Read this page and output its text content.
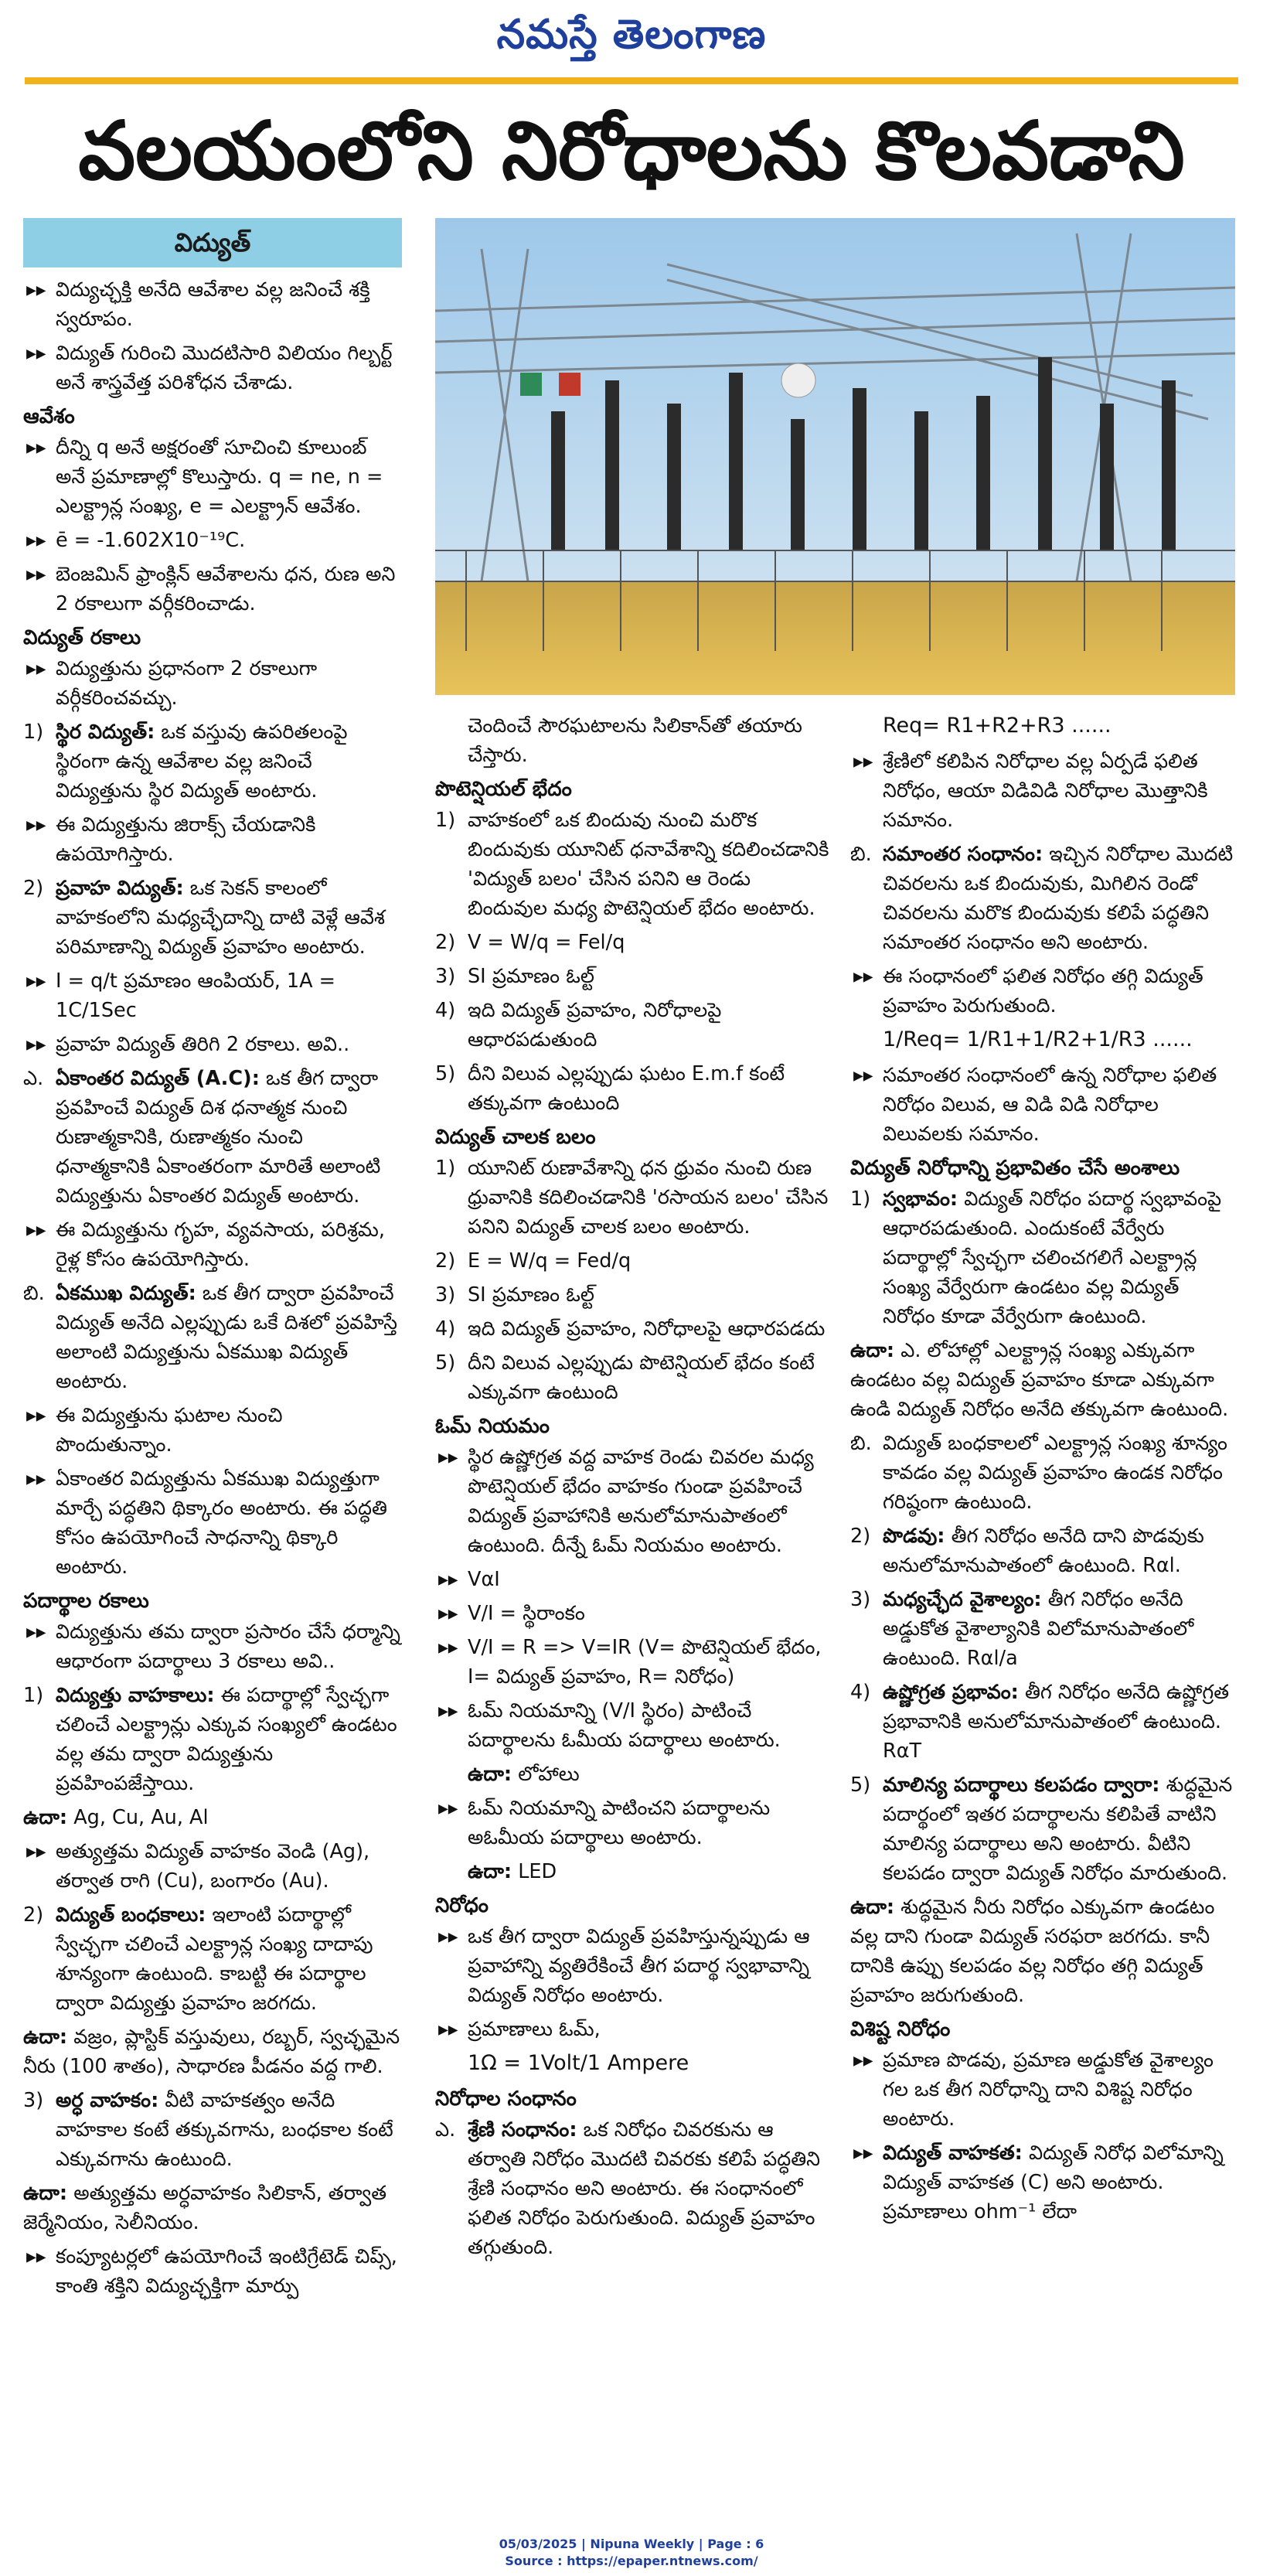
నమస్తే తెలంగాణ
వలయంలోని నిరోధాలను కొలవడాని
విద్యుత్
▸▸ విద్యుచ్ఛక్తి అనేది ఆవేశాల వల్ల జనించే శక్తి స్వరూపం.
▸▸ విద్యుత్ గురించి మొదటిసారి విలియం గిల్బర్ట్ అనే శాస్త్రవేత్త పరిశోధన చేశాడు.
ఆవేశం
▸▸ దీన్ని q అనే అక్షరంతో సూచించి కూలుంబ్ అనే ప్రమాణాల్లో కొలుస్తారు. q = ne, n = ఎలక్ట్రాన్ల సంఖ్య, e = ఎలక్ట్రాన్ ఆవేశం.
▸▸ ē = -1.602X10⁻¹⁹C.
▸▸ బెంజమిన్ ఫ్రాంక్లిన్ ఆవేశాలను ధన, రుణ అని 2 రకాలుగా వర్గీకరించాడు.
విద్యుత్ రకాలు
▸▸ విద్యుత్తును ప్రధానంగా 2 రకాలుగా వర్గీకరించవచ్చు.
1) స్థిర విద్యుత్: ఒక వస్తువు ఉపరితలంపై స్థిరంగా ఉన్న ఆవేశాల వల్ల జనించే విద్యుత్తును స్థిర విద్యుత్ అంటారు.
▸▸ ఈ విద్యుత్తును జిరాక్స్ చేయడానికి ఉపయోగిస్తారు.
2) ప్రవాహ విద్యుత్: ఒక సెకన్ కాలంలో వాహకంలోని మధ్యచ్ఛేదాన్ని దాటి వెళ్లే ఆవేశ పరిమాణాన్ని విద్యుత్ ప్రవాహం అంటారు.
▸▸ I = q/t ప్రమాణం ఆంపియర్, 1A = 1C/1Sec
▸▸ ప్రవాహ విద్యుత్ తిరిగి 2 రకాలు. అవి..
ఎ. ఏకాంతర విద్యుత్ (A.C): ఒక తీగ ద్వారా ప్రవహించే విద్యుత్ దిశ ధనాత్మక నుంచి రుణాత్మకానికి, రుణాత్మకం నుంచి ధనాత్మకానికి ఏకాంతరంగా మారితే అలాంటి విద్యుత్తును ఏకాంతర విద్యుత్ అంటారు.
▸▸ ఈ విద్యుత్తును గృహ, వ్యవసాయ, పరిశ్రమ, రైళ్ల కోసం ఉపయోగిస్తారు.
బి. ఏకముఖ విద్యుత్: ఒక తీగ ద్వారా ప్రవహించే విద్యుత్ అనేది ఎల్లప్పుడు ఒకే దిశలో ప్రవహిస్తే అలాంటి విద్యుత్తును ఏకముఖ విద్యుత్ అంటారు.
▸▸ ఈ విద్యుత్తును ఘటాల నుంచి పొందుతున్నాం.
▸▸ ఏకాంతర విద్యుత్తును ఏకముఖ విద్యుత్తుగా మార్చే పద్ధతిని థిక్కారం అంటారు. ఈ పద్ధతి కోసం ఉపయోగించే సాధనాన్ని థిక్కారి అంటారు.
పదార్థాల రకాలు
▸▸ విద్యుత్తును తమ ద్వారా ప్రసారం చేసే ధర్మాన్ని ఆధారంగా పదార్థాలు 3 రకాలు అవి..
1) విద్యుత్తు వాహకాలు: ఈ పదార్థాల్లో స్వేచ్ఛగా చలించే ఎలక్ట్రాన్లు ఎక్కువ సంఖ్యలో ఉండటం వల్ల తమ ద్వారా విద్యుత్తును ప్రవహింపజేస్తాయి.
ఉదా: Ag, Cu, Au, Al
▸▸ అత్యుత్తమ విద్యుత్ వాహకం వెండి (Ag), తర్వాత రాగి (Cu), బంగారం (Au).
2) విద్యుత్ బంధకాలు: ఇలాంటి పదార్థాల్లో స్వేచ్ఛగా చలించే ఎలక్ట్రాన్ల సంఖ్య దాదాపు శూన్యంగా ఉంటుంది. కాబట్టి ఈ పదార్థాల ద్వారా విద్యుత్తు ప్రవాహం జరగదు.
ఉదా: వజ్రం, ప్లాస్టిక్ వస్తువులు, రబ్బర్, స్వచ్ఛమైన నీరు (100 శాతం), సాధారణ పీడనం వద్ద గాలి.
3) అర్ధ వాహకం: వీటి వాహకత్వం అనేది వాహకాల కంటే తక్కువగాను, బంధకాల కంటే ఎక్కువగాను ఉంటుంది.
ఉదా: అత్యుత్తమ అర్ధవాహకం సిలికాన్, తర్వాత జెర్మేనియం, సెలీనియం.
▸▸ కంప్యూటర్లలో ఉపయోగించే ఇంటిగ్రేటెడ్ చిప్స్, కాంతి శక్తిని విద్యుచ్ఛక్తిగా మార్పు
చెందించే సౌరఘటాలను సిలికాన్‌తో తయారు చేస్తారు.
పొటెన్షియల్ భేదం
1) వాహకంలో ఒక బిందువు నుంచి మరొక బిందువుకు యూనిట్ ధనావేశాన్ని కదిలించడానికి 'విద్యుత్ బలం' చేసిన పనిని ఆ రెండు బిందువుల మధ్య పొటెన్షియల్ భేదం అంటారు.
2) V = W/q = Fel/q
3) SI ప్రమాణం ఓల్ట్
4) ఇది విద్యుత్ ప్రవాహం, నిరోధాలపై ఆధారపడుతుంది
5) దీని విలువ ఎల్లప్పుడు ఘటం E.m.f కంటే తక్కువగా ఉంటుంది
విద్యుత్ చాలక బలం
1) యూనిట్ రుణావేశాన్ని ధన ధ్రువం నుంచి రుణ ధ్రువానికి కదిలించడానికి 'రసాయన బలం' చేసిన పనిని విద్యుత్ చాలక బలం అంటారు.
2) E = W/q = Fed/q
3) SI ప్రమాణం ఓల్ట్
4) ఇది విద్యుత్ ప్రవాహం, నిరోధాలపై ఆధారపడదు
5) దీని విలువ ఎల్లప్పుడు పొటెన్షియల్ భేదం కంటే ఎక్కువగా ఉంటుంది
ఓమ్ నియమం
▸▸ స్థిర ఉష్ణోగ్రత వద్ద వాహక రెండు చివరల మధ్య పొటెన్షియల్ భేదం వాహకం గుండా ప్రవహించే విద్యుత్ ప్రవాహానికి అనులోమానుపాతంలో ఉంటుంది. దీన్నే ఓమ్ నియమం అంటారు.
▸▸ VαI
▸▸ V/I = స్థిరాంకం
▸▸ V/I = R => V=IR (V= పొటెన్షియల్ భేదం, I= విద్యుత్ ప్రవాహం, R= నిరోధం)
▸▸ ఓమ్ నియమాన్ని (V/I స్థిరం) పాటించే పదార్థాలను ఓమీయ పదార్థాలు అంటారు.
ఉదా: లోహాలు
▸▸ ఓమ్ నియమాన్ని పాటించని పదార్థాలను అఓమీయ పదార్థాలు అంటారు.
ఉదా: LED
నిరోధం
▸▸ ఒక తీగ ద్వారా విద్యుత్ ప్రవహిస్తున్నప్పుడు ఆ ప్రవాహాన్ని వ్యతిరేకించే తీగ పదార్థ స్వభావాన్ని విద్యుత్ నిరోధం అంటారు.
▸▸ ప్రమాణాలు ఓమ్,
1Ω = 1Volt/1 Ampere
నిరోధాల సంధానం
ఎ. శ్రేణి సంధానం: ఒక నిరోధం చివరకును ఆ తర్వాతి నిరోధం మొదటి చివరకు కలిపే పద్ధతిని శ్రేణి సంధానం అని అంటారు. ఈ సంధానంలో ఫలిత నిరోధం పెరుగుతుంది. విద్యుత్ ప్రవాహం తగ్గుతుంది.
Req= R1+R2+R3 ......
▸▸ శ్రేణిలో కలిపిన నిరోధాల వల్ల ఏర్పడే ఫలిత నిరోధం, ఆయా విడివిడి నిరోధాల మొత్తానికి సమానం.
బి. సమాంతర సంధానం: ఇచ్చిన నిరోధాల మొదటి చివరలను ఒక బిందువుకు, మిగిలిన రెండో చివరలను మరొక బిందువుకు కలిపే పద్ధతిని సమాంతర సంధానం అని అంటారు.
▸▸ ఈ సంధానంలో ఫలిత నిరోధం తగ్గి విద్యుత్ ప్రవాహం పెరుగుతుంది.
1/Req= 1/R1+1/R2+1/R3 ......
▸▸ సమాంతర సంధానంలో ఉన్న నిరోధాల ఫలిత నిరోధం విలువ, ఆ విడి విడి నిరోధాల విలువలకు సమానం.
విద్యుత్ నిరోధాన్ని ప్రభావితం చేసే అంశాలు
1) స్వభావం: విద్యుత్ నిరోధం పదార్థ స్వభావంపై ఆధారపడుతుంది. ఎందుకంటే వేర్వేరు పదార్థాల్లో స్వేచ్ఛగా చలించగలిగే ఎలక్ట్రాన్ల సంఖ్య వేర్వేరుగా ఉండటం వల్ల విద్యుత్ నిరోధం కూడా వేర్వేరుగా ఉంటుంది.
ఉదా: ఎ. లోహాల్లో ఎలక్ట్రాన్ల సంఖ్య ఎక్కువగా ఉండటం వల్ల విద్యుత్ ప్రవాహం కూడా ఎక్కువగా ఉండి విద్యుత్ నిరోధం అనేది తక్కువగా ఉంటుంది.
బి. విద్యుత్ బంధకాలలో ఎలక్ట్రాన్ల సంఖ్య శూన్యం కావడం వల్ల విద్యుత్ ప్రవాహం ఉండక నిరోధం గరిష్ఠంగా ఉంటుంది.
2) పొడవు: తీగ నిరోధం అనేది దాని పొడవుకు అనులోమానుపాతంలో ఉంటుంది. Rαl.
3) మధ్యచ్ఛేద వైశాల్యం: తీగ నిరోధం అనేది అడ్డుకోత వైశాల్యానికి విలోమానుపాతంలో ఉంటుంది. Rαl/a
4) ఉష్ణోగ్రత ప్రభావం: తీగ నిరోధం అనేది ఉష్ణోగ్రత ప్రభావానికి అనులోమానుపాతంలో ఉంటుంది. RαT
5) మాలిన్య పదార్థాలు కలపడం ద్వారా: శుద్ధమైన పదార్థంలో ఇతర పదార్థాలను కలిపితే వాటిని మాలిన్య పదార్థాలు అని అంటారు. వీటిని కలపడం ద్వారా విద్యుత్ నిరోధం మారుతుంది.
ఉదా: శుద్ధమైన నీరు నిరోధం ఎక్కువగా ఉండటం వల్ల దాని గుండా విద్యుత్ సరఫరా జరగదు. కానీ దానికి ఉప్పు కలపడం వల్ల నిరోధం తగ్గి విద్యుత్ ప్రవాహం జరుగుతుంది.
విశిష్ట నిరోధం
▸▸ ప్రమాణ పొడవు, ప్రమాణ అడ్డుకోత వైశాల్యం గల ఒక తీగ నిరోధాన్ని దాని విశిష్ట నిరోధం అంటారు.
▸▸ విద్యుత్ వాహకత: విద్యుత్ నిరోధ విలోమాన్ని విద్యుత్ వాహకత (C) అని అంటారు. ప్రమాణాలు ohm⁻¹ లేదా
05/03/2025 | Nipuna Weekly | Page : 6
Source : https://epaper.ntnews.com/
